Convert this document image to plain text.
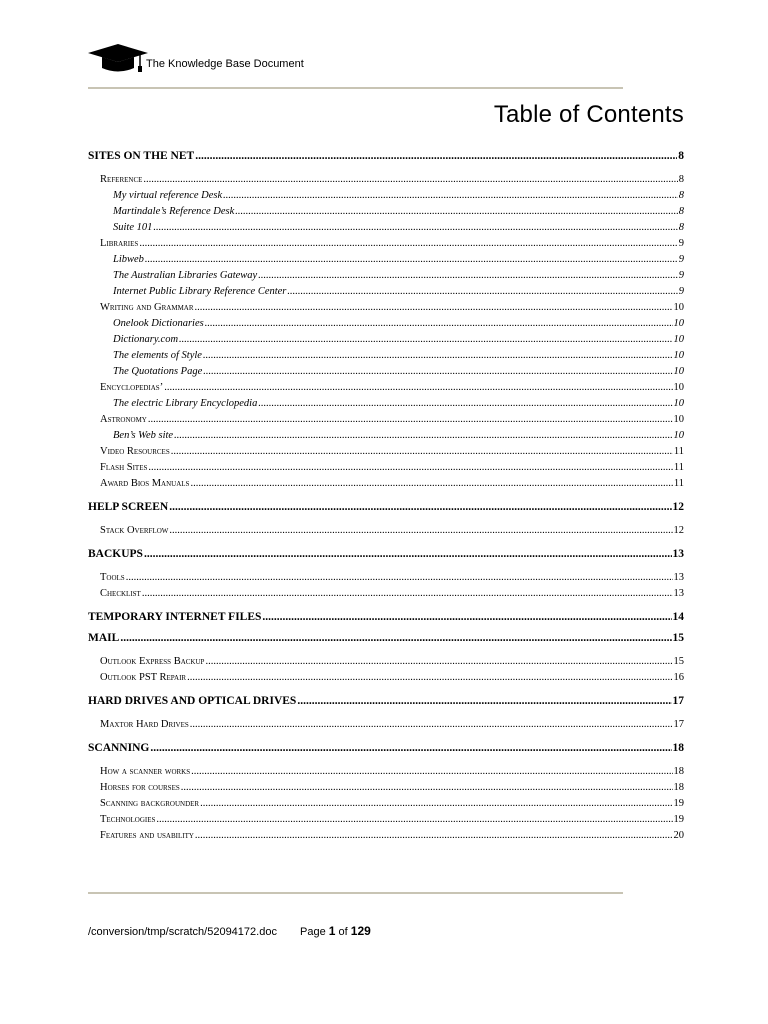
The Knowledge Base Document
Table of Contents
SITES ON THE NET .....	8
Reference .....	8
My virtual reference Desk .....	8
Martindale’s Reference Desk .....	8
Suite 101 .....	8
Libraries .....	9
Libweb .....	9
The Australian Libraries Gateway .....	9
Internet Public Library Reference Center .....	9
Writing and Grammar .....	10
Onelook Dictionaries .....	10
Dictionary.com .....	10
The elements of Style .....	10
The Quotations Page .....	10
Encyclopedias’ .....	10
The electric Library Encyclopedia .....	10
Astronomy .....	10
Ben’s Web site .....	10
Video Resources .....	11
Flash Sites .....	11
Award Bios Manuals .....	11
HELP SCREEN .....	12
Stack Overflow .....	12
BACKUPS .....	13
Tools .....	13
Checklist .....	13
TEMPORARY INTERNET FILES .....	14
MAIL .....	15
Outlook Express Backup .....	15
Outlook PST Repair .....	16
HARD DRIVES AND OPTICAL DRIVES .....	17
Maxtor Hard Drives .....	17
SCANNING .....	18
How a scanner works .....	18
Horses for courses .....	18
Scanning backgrounder .....	19
Technologies .....	19
Features and usability .....	20
/conversion/tmp/scratch/52094172.doc Page 1 of 129
